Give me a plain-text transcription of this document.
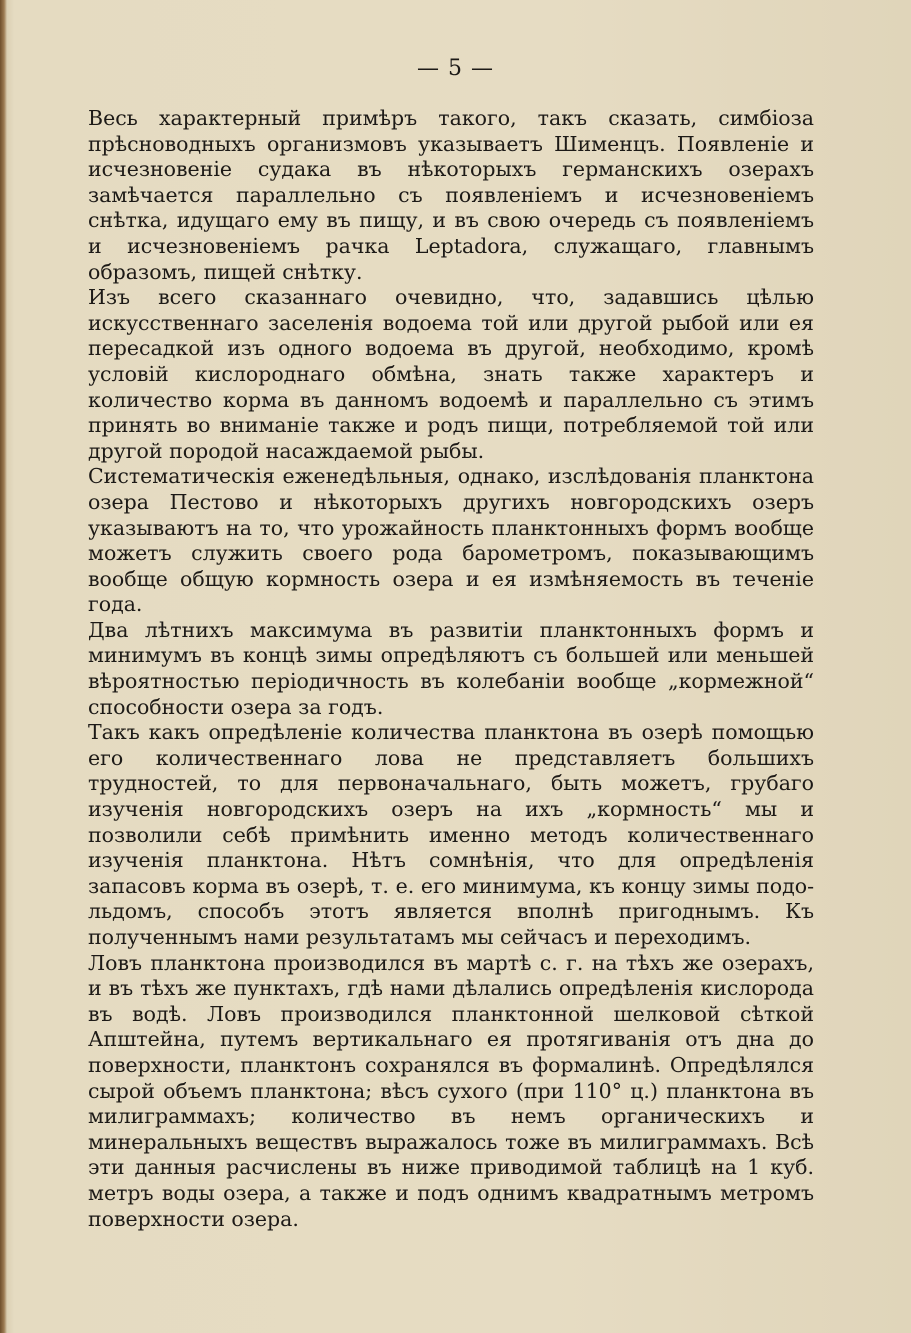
— 5 —

Весь характерный примѣръ такого, такъ сказать, симбіоза прѣсноводныхъ организмовъ указываетъ Шименцъ. Появленіе и исчезновеніе судака въ нѣкоторыхъ германскихъ озерахъ замѣчается параллельно съ появленіемъ и исчезновеніемъ снѣтка, идущаго ему въ пищу, и въ свою очередь съ появленіемъ и исчезновеніемъ рачка Leptadora, служащаго, главнымъ образомъ, пищей снѣтку.

Изъ всего сказаннаго очевидно, что, задавшись цѣлью искусственнаго заселенія водоема той или другой рыбой или ея пересадкой изъ одного водоема въ другой, необходимо, кромѣ условій кислороднаго обмѣна, знать также характеръ и количество корма въ данномъ водоемѣ и параллельно съ этимъ принять во вниманіе также и родъ пищи, потребляемой той или другой породой насаждаемой рыбы.

Систематическія еженедѣльныя, однако, изслѣдованія планктона озера Пестово и нѣкоторыхъ другихъ новгородскихъ озеръ указываютъ на то, что урожайность планктонныхъ формъ вообще можетъ служить своего рода барометромъ, показывающимъ вообще общую кормность озера и ея измѣняемость въ теченіе года.

Два лѣтнихъ максимума въ развитіи планктонныхъ формъ и минимумъ въ концѣ зимы опредѣляютъ съ большей или меньшей вѣроятностью періодичность въ колебаніи вообще „кормежной“ способности озера за годъ.

Такъ какъ опредѣленіе количества планктона въ озерѣ помощью его количественнаго лова не представляетъ большихъ трудностей, то для первоначальнаго, быть можетъ, грубаго изученія новгородскихъ озеръ на ихъ „кормность“ мы и позволили себѣ примѣнить именно методъ количественнаго изученія планктона. Нѣтъ сомнѣнія, что для опредѣленія запасовъ корма въ озерѣ, т. е. его минимума, къ концу зимы подо-льдомъ, способъ этотъ является вполнѣ пригоднымъ. Къ полученнымъ нами результатамъ мы сейчасъ и переходимъ.

Ловъ планктона производился въ мартѣ с. г. на тѣхъ же озерахъ, и въ тѣхъ же пунктахъ, гдѣ нами дѣлались опредѣленія кислорода въ водѣ. Ловъ производился планктонной шелковой сѣткой Апштейна, путемъ вертикальнаго ея протягиванія отъ дна до поверхности, планктонъ сохранялся въ формалинѣ. Опредѣлялся сырой объемъ планктона; вѣсъ сухого (при 110° ц.) планктона въ милиграммахъ; количество въ немъ органическихъ и минеральныхъ веществъ выражалось тоже въ милиграммахъ. Всѣ эти данныя расчислены въ ниже приводимой таблицѣ на 1 куб. метръ воды озера, а также и подъ однимъ квадратнымъ метромъ поверхности озера.
